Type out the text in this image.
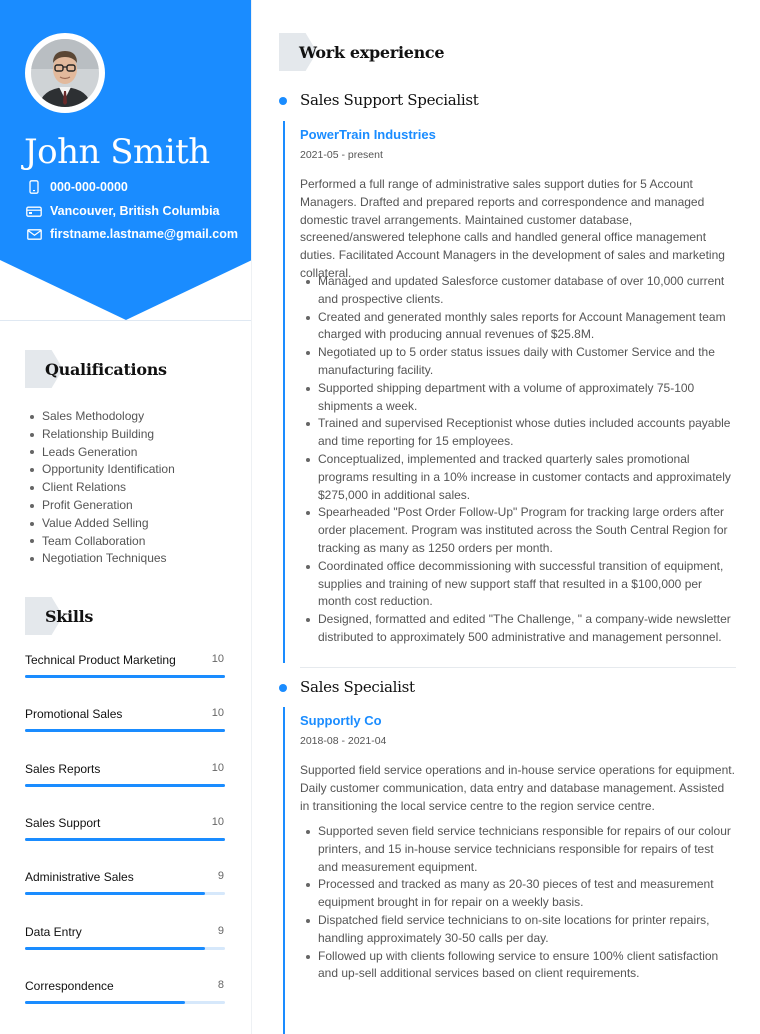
John Smith
000-000-0000
Vancouver, British Columbia
firstname.lastname@gmail.com
Qualifications
Sales Methodology
Relationship Building
Leads Generation
Opportunity Identification
Client Relations
Profit Generation
Value Added Selling
Team Collaboration
Negotiation Techniques
Skills
Technical Product Marketing	10
Promotional Sales	10
Sales Reports	10
Sales Support	10
Administrative Sales	9
Data Entry	9
Correspondence	8
Work experience
Sales Support Specialist
PowerTrain Industries
2021-05 - present
Performed a full range of administrative sales support duties for 5 Account Managers. Drafted and prepared reports and correspondence and managed domestic travel arrangements. Maintained customer database, screened/answered telephone calls and handled general office management duties. Facilitated Account Managers in the development of sales and marketing collateral.
Managed and updated Salesforce customer database of over 10,000 current and prospective clients.
Created and generated monthly sales reports for Account Management team charged with producing annual revenues of $25.8M.
Negotiated up to 5 order status issues daily with Customer Service and the manufacturing facility.
Supported shipping department with a volume of approximately 75-100 shipments a week.
Trained and supervised Receptionist whose duties included accounts payable and time reporting for 15 employees.
Conceptualized, implemented and tracked quarterly sales promotional programs resulting in a 10% increase in customer contacts and approximately $275,000 in additional sales.
Spearheaded "Post Order Follow-Up" Program for tracking large orders after order placement. Program was instituted across the South Central Region for tracking as many as 1250 orders per month.
Coordinated office decommissioning with successful transition of equipment, supplies and training of new support staff that resulted in a $100,000 per month cost reduction.
Designed, formatted and edited "The Challenge, " a company-wide newsletter distributed to approximately 500 administrative and management personnel.
Sales Specialist
Supportly Co
2018-08 - 2021-04
Supported field service operations and in-house service operations for equipment. Daily customer communication, data entry and database management. Assisted in transitioning the local service centre to the region service centre.
Supported seven field service technicians responsible for repairs of our colour printers, and 15 in-house service technicians responsible for repairs of test and measurement equipment.
Processed and tracked as many as 20-30 pieces of test and measurement equipment brought in for repair on a weekly basis.
Dispatched field service technicians to on-site locations for printer repairs, handling approximately 30-50 calls per day.
Followed up with clients following service to ensure 100% client satisfaction and up-sell additional services based on client requirements.
